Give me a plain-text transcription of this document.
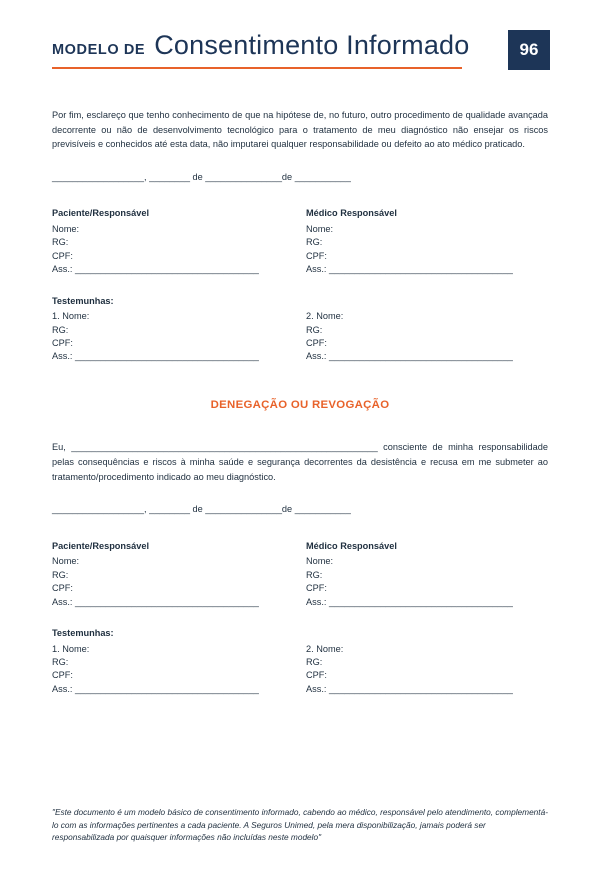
MODELO DE Consentimento Informado	96

Por fim, esclareço que tenho conhecimento de que na hipótese de, no futuro, outro procedimento de qualidade avançada decorrente ou não de desenvolvimento tecnológico para o tratamento de meu diagnóstico não ensejar os riscos previsíveis e conhecidos até esta data, não imputarei qualquer responsabilidade ou defeito ao ato médico praticado.

__________________, ________ de _______________de ___________
Paciente/Responsável
Nome:
RG:
CPF:
Ass.: ____________________________________
Médico Responsável
Nome:
RG:
CPF:
Ass.: ____________________________________
Testemunhas:
1. Nome:
RG:
CPF:
Ass.: ____________________________________
2. Nome:
RG:
CPF:
Ass.: ____________________________________
DENEGAÇÃO OU REVOGAÇÃO

Eu, ____________________________________________________________ consciente de minha responsabilidade pelas consequências e riscos à minha saúde e segurança decorrentes da desistência e recusa em me submeter ao tratamento/procedimento indicado ao meu diagnóstico.

__________________, ________ de _______________de ___________
Paciente/Responsável
Nome:
RG:
CPF:
Ass.: ____________________________________
Médico Responsável
Nome:
RG:
CPF:
Ass.: ____________________________________
Testemunhas:
1. Nome:
RG:
CPF:
Ass.: ____________________________________
2. Nome:
RG:
CPF:
Ass.: ____________________________________
"Este documento é um modelo básico de consentimento informado, cabendo ao médico, responsável pelo atendimento, complementá-lo com as informações pertinentes a cada paciente. A Seguros Unimed, pela mera disponibilização, jamais poderá ser responsabilizada por quaisquer informações não incluídas neste modelo"
